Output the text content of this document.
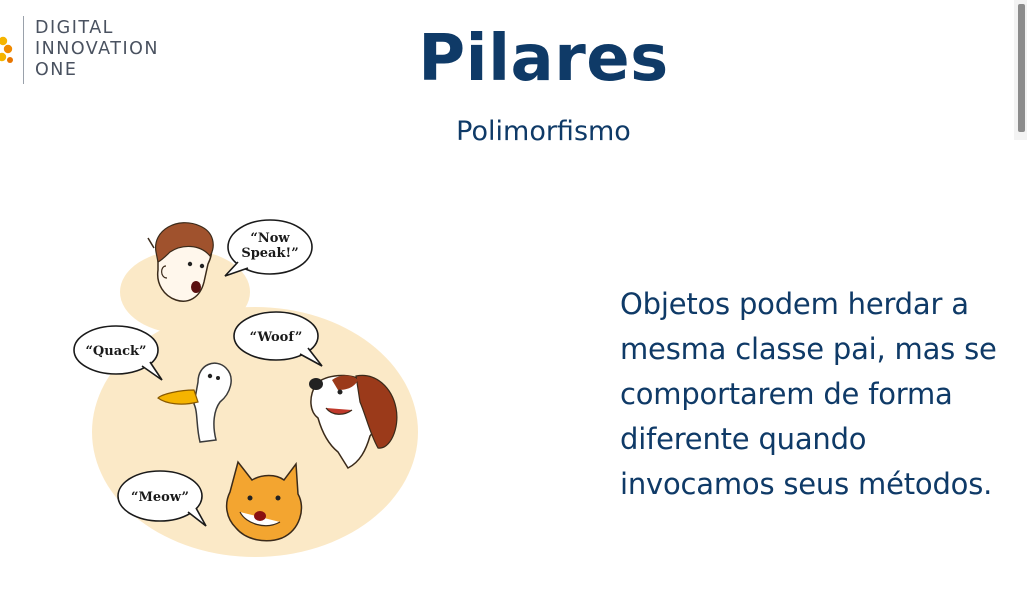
DIGITAL
INNOVATION
ONE	Pilares
Polimorfismo
“Now
Speak!”
“Quack”
“Woof”
“Meow”
Objetos podem herdar a
mesma classe pai, mas se
comportarem de forma
diferente quando
invocamos seus métodos.
